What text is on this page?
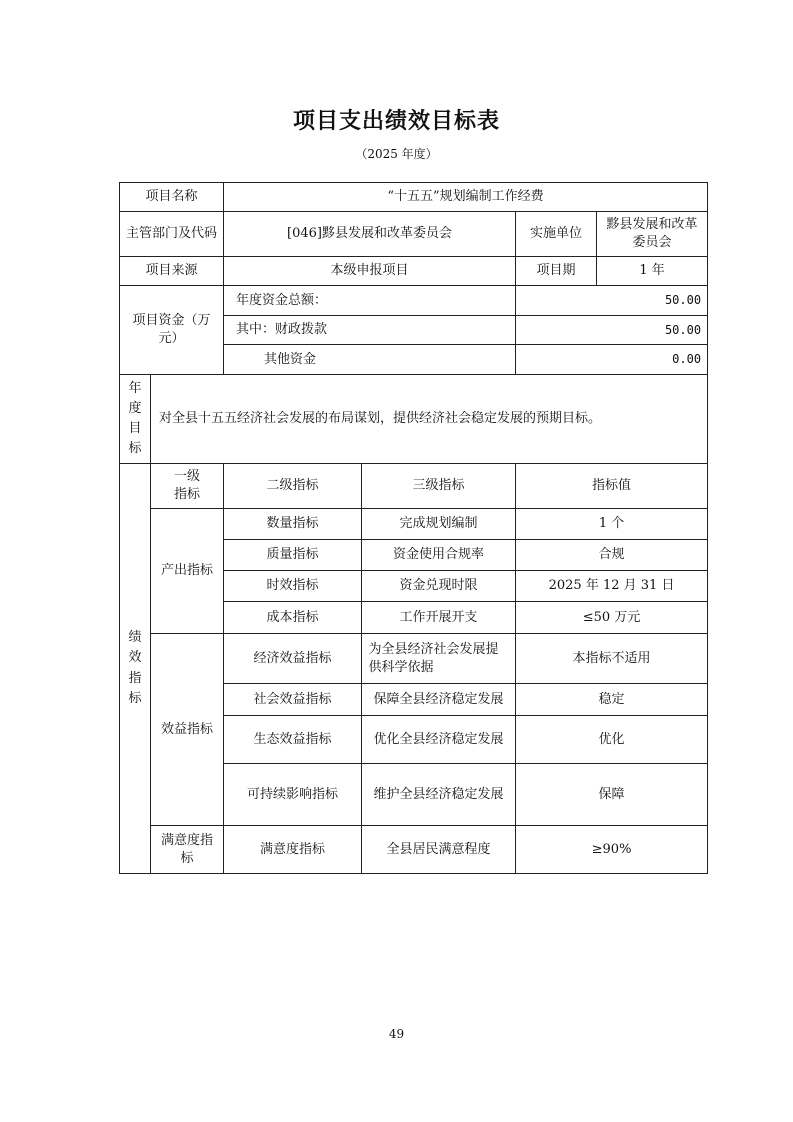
项目支出绩效目标表
（2025 年度）
项目名称		“十五五”规划编制工作经费			
主管部门及代码		[046]黟县发展和改革委员会		实施单位	黟县发展和改革委员会
项目来源		本级申报项目		项目期	1 年

项目资金（万元）		年度资金总额：		50.00	
		其中：财政拨款		50.00	
		其他资金		0.00	
年度目标	对全县十五五经济社会发展的布局谋划，提供经济社会稳定发展的预期目标。				
绩效指标	一级指标	二级指标	三级指标	指标值	
	产出指标	数量指标	完成规划编制	1 个	
		质量指标	资金使用合规率	合规	
		时效指标	资金兑现时限	2025 年 12 月 31 日	
		成本指标	工作开展开支	≤50 万元	
	效益指标	经济效益指标	为全县经济社会发展提供科学依据	本指标不适用	
		社会效益指标	保障全县经济稳定发展	稳定	
		生态效益指标	优化全县经济稳定发展	优化	
		可持续影响指标	维护全县经济稳定发展	保障	

	满意度指标	满意度指标	全县居民满意程度	≥90%	
49
